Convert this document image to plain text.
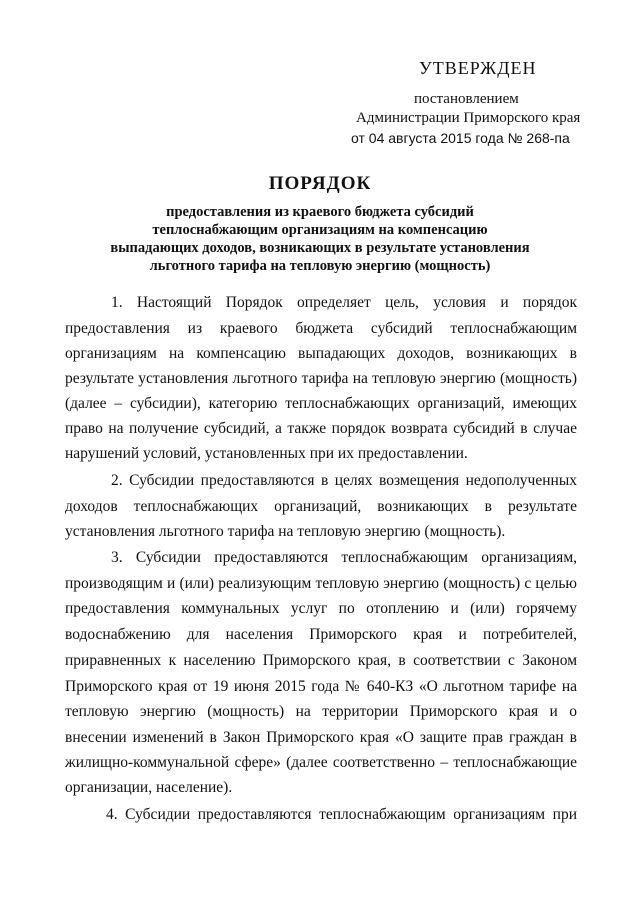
УТВЕРЖДЕН
постановлением
Администрации Приморского края
от 04 августа 2015 года № 268-па
ПОРЯДОК
предоставления из краевого бюджета субсидий
теплоснабжающим организациям на компенсацию
выпадающих доходов, возникающих в результате установления
льготного тарифа на тепловую энергию (мощность)
1. Настоящий Порядок определяет цель, условия и порядок
предоставления из краевого бюджета субсидий теплоснабжающим
организациям на компенсацию выпадающих доходов, возникающих в
результате установления льготного тарифа на тепловую энергию (мощность)
(далее – субсидии), категорию теплоснабжающих организаций, имеющих
право на получение субсидий, а также порядок возврата субсидий в случае
нарушений условий, установленных при их предоставлении.
2. Субсидии предоставляются в целях возмещения недополученных
доходов теплоснабжающих организаций, возникающих в результате
установления льготного тарифа на тепловую энергию (мощность).
3. Субсидии предоставляются теплоснабжающим организациям,
производящим и (или) реализующим тепловую энергию (мощность) с целью
предоставления коммунальных услуг по отоплению и (или) горячему
водоснабжению для населения Приморского края и потребителей,
приравненных к населению Приморского края, в соответствии с Законом
Приморского края от 19 июня 2015 года № 640-КЗ «О льготном тарифе на
тепловую энергию (мощность) на территории Приморского края и о
внесении изменений в Закон Приморского края «О защите прав граждан в
жилищно-коммунальной сфере» (далее соответственно – теплоснабжающие
организации, население).
4. Субсидии предоставляются теплоснабжающим организациям при
